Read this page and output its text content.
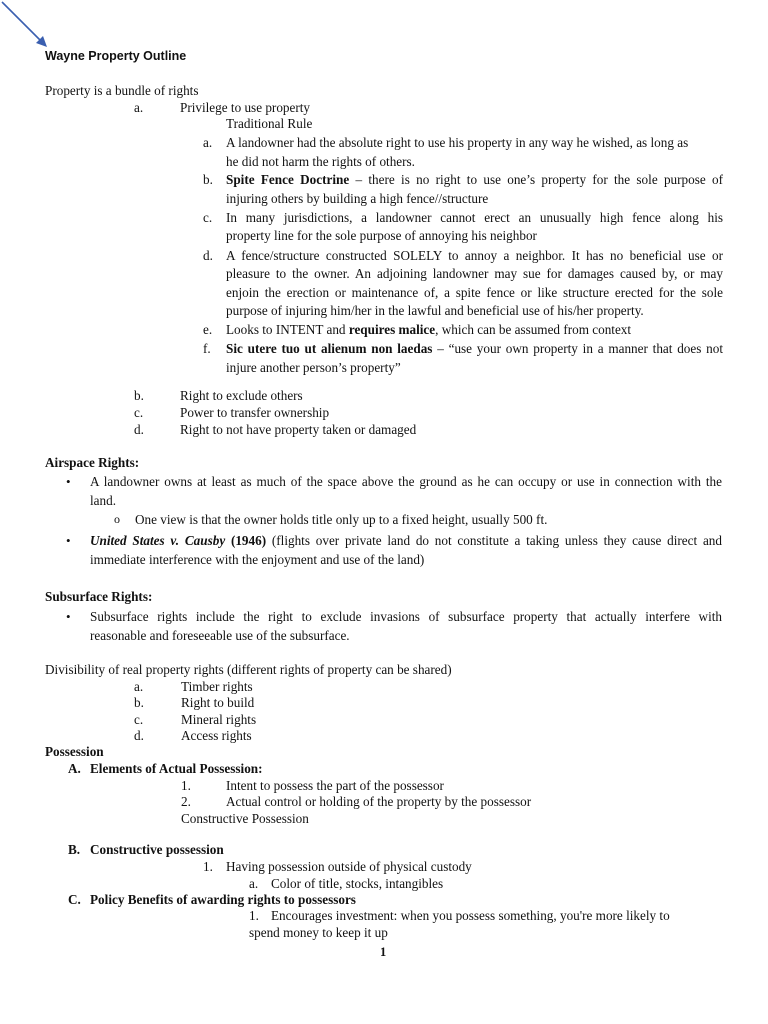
Wayne Property Outline
Property is a bundle of rights
a.	Privilege to use property
Traditional Rule
a. A landowner had the absolute right to use his property in any way he wished, as long as
he did not harm the rights of others.
b. Spite Fence Doctrine – there is no right to use one’s property for the sole purpose of
injuring others by building a high fence//structure
c. In many jurisdictions, a landowner cannot erect an unusually high fence along his
property line for the sole purpose of annoying his neighbor
d. A fence/structure constructed SOLELY to annoy a neighbor. It has no beneficial use or
pleasure to the owner. An adjoining landowner may sue for damages caused by, or may
enjoin the erection or maintenance of, a spite fence or like structure erected for the sole
purpose of injuring him/her in the lawful and beneficial use of his/her property.
e. Looks to INTENT and requires malice, which can be assumed from context
f. Sic utere tuo ut alienum non laedas – “use your own property in a manner that does not
injure another person’s property”
b.	Right to exclude others
c.	Power to transfer ownership
d.	Right to not have property taken or damaged
Airspace Rights:
• A landowner owns at least as much of the space above the ground as he can occupy or use in connection with the
land.
o One view is that the owner holds title only up to a fixed height, usually 500 ft.
• United States v. Causby (1946) (flights over private land do not constitute a taking unless they cause direct and
immediate interference with the enjoyment and use of the land)
Subsurface Rights:
• Subsurface rights include the right to exclude invasions of subsurface property that actually interfere with
reasonable and foreseeable use of the subsurface.
Divisibility of real property rights (different rights of property can be shared)
a.	Timber rights
b.	Right to build
c.	Mineral rights
d.	Access rights
Possession
A. Elements of Actual Possession:
1.	Intent to possess the part of the possessor
2.	Actual control or holding of the property by the possessor
Constructive Possession
B. Constructive possession
1. Having possession outside of physical custody
a. Color of title, stocks, intangibles
C. Policy Benefits of awarding rights to possessors
1. Encourages investment: when you possess something, you're more likely to
spend money to keep it up
1
